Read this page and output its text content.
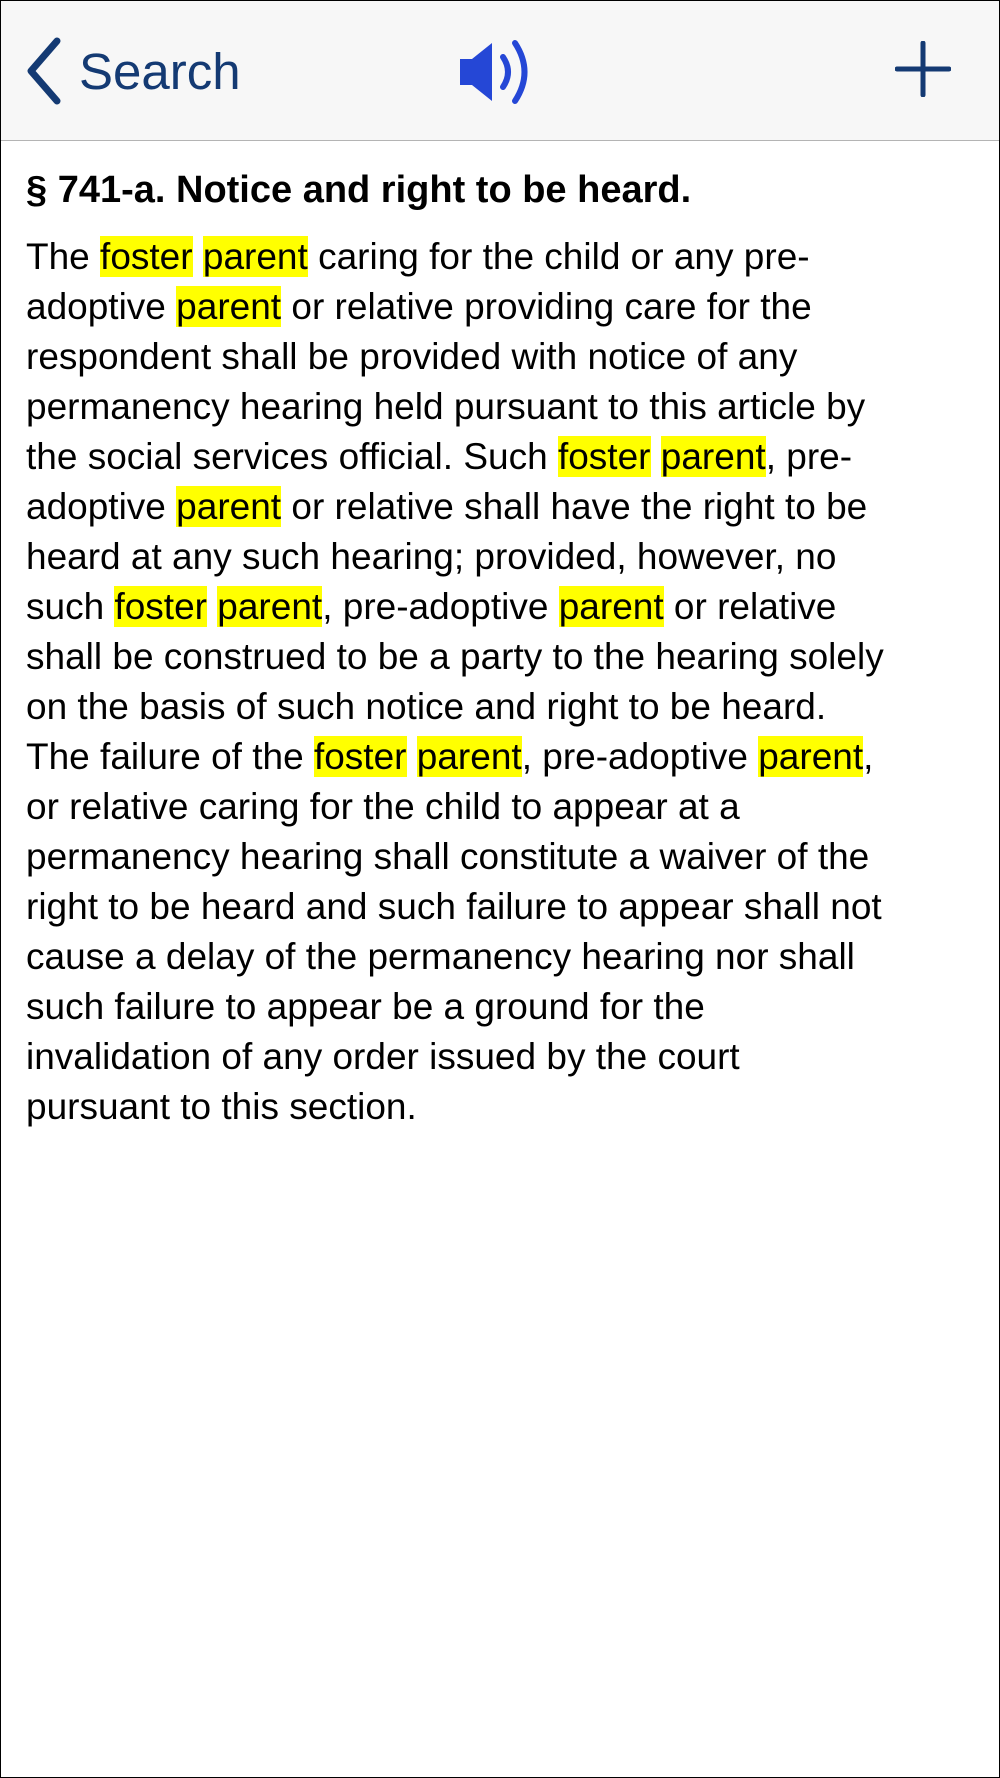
Search
§ 741-a. Notice and right to be heard.
The foster parent caring for the child or any pre-
adoptive parent or relative providing care for the
respondent shall be provided with notice of any
permanency hearing held pursuant to this article by
the social services official. Such foster parent, pre-
adoptive parent or relative shall have the right to be
heard at any such hearing; provided, however, no
such foster parent, pre-adoptive parent or relative
shall be construed to be a party to the hearing solely
on the basis of such notice and right to be heard.
The failure of the foster parent, pre-adoptive parent,
or relative caring for the child to appear at a
permanency hearing shall constitute a waiver of the
right to be heard and such failure to appear shall not
cause a delay of the permanency hearing nor shall
such failure to appear be a ground for the
invalidation of any order issued by the court
pursuant to this section.
